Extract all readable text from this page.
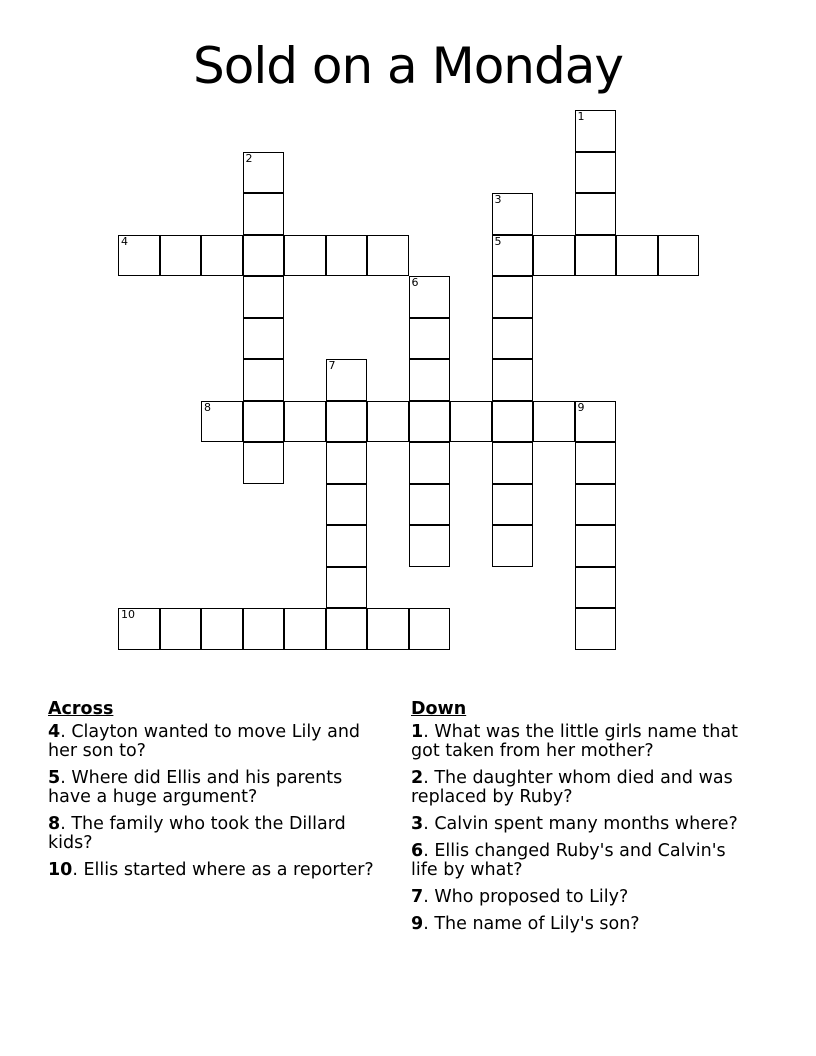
Sold on a Monday
1
2
3
5
4
6
7
8	9
10
Across
4. Clayton wanted to move Lily and her son to?
5. Where did Ellis and his parents have a huge argument?
8. The family who took the Dillard kids?
10. Ellis started where as a reporter?
Down
1. What was the little girls name that got taken from her mother?
2. The daughter whom died and was replaced by Ruby?
3. Calvin spent many months where?
6. Ellis changed Ruby's and Calvin's life by what?
7. Who proposed to Lily?
9. The name of Lily's son?
